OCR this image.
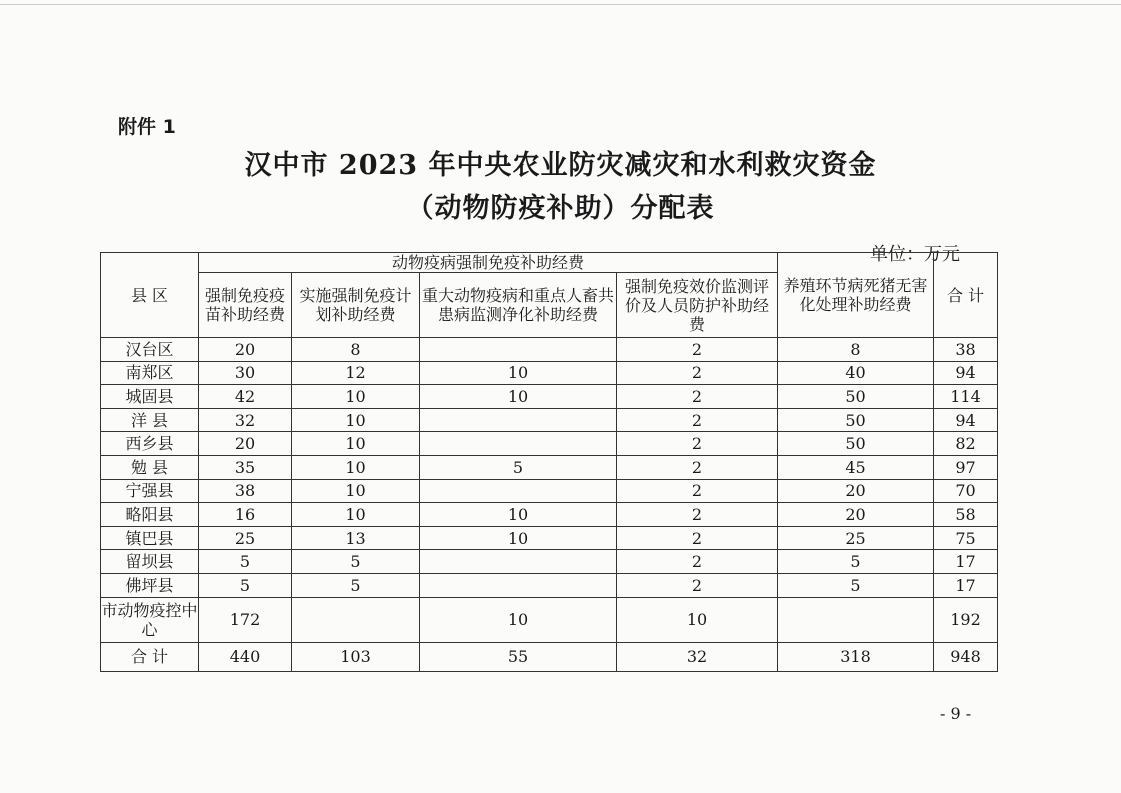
附件 1
汉中市 2023 年中央农业防灾减灾和水利救灾资金
（动物防疫补助）分配表
单位：万元
县 区	动物疫病强制免疫补助经费				养殖环节病死猪无害化处理补助经费	合 计
	强制免疫疫苗补助经费	实施强制免疫计划补助经费	重大动物疫病和重点人畜共患病监测净化补助经费	强制免疫效价监测评价及人员防护补助经费		
汉台区	20	8		2	8	38
南郑区	30	12	10	2	40	94
城固县	42	10	10	2	50	114
洋 县	32	10		2	50	94
西乡县	20	10		2	50	82
勉 县	35	10	5	2	45	97
宁强县	38	10		2	20	70
略阳县	16	10	10	2	20	58
镇巴县	25	13	10	2	25	75
留坝县	5	5		2	5	17
佛坪县	5	5		2	5	17
市动物疫控中心	172		10	10		192
合 计	440	103	55	32	318	948
- 9 -
